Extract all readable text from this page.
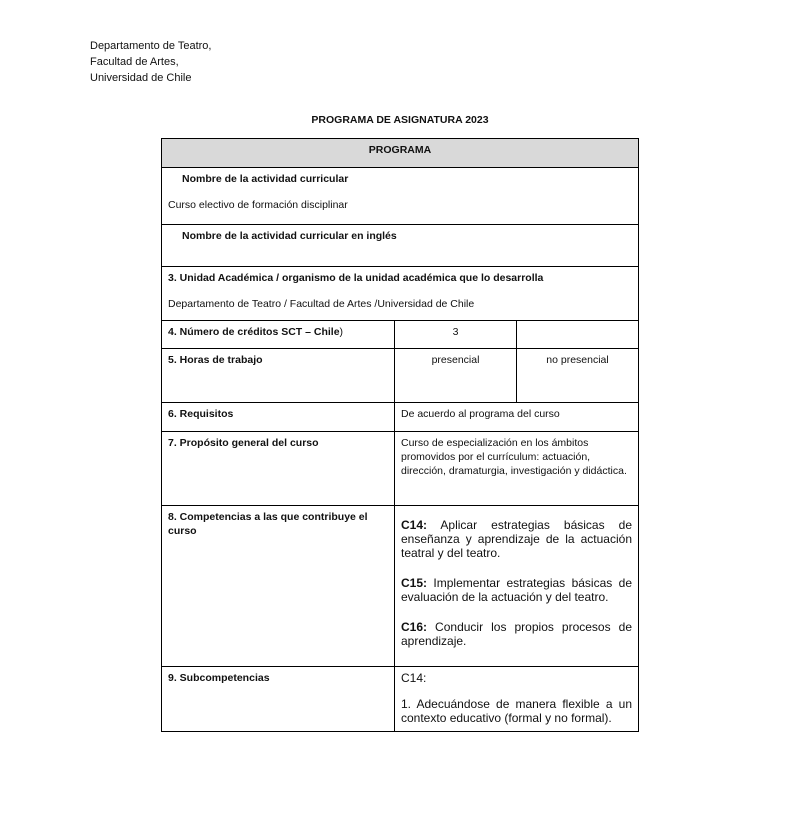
Departamento de Teatro,
Facultad de Artes,
Universidad de Chile
PROGRAMA DE ASIGNATURA 2023
PROGRAMA		

Nombre de la actividad curricular
Curso electivo de formación disciplinar		

Nombre de la actividad curricular en inglés		

3. Unidad Académica / organismo de la unidad académica que lo desarrolla
Departamento de Teatro / Facultad de Artes /Universidad de Chile		

4. Número de créditos SCT – Chile)	3	
5. Horas de trabajo	presencial	no presencial
6. Requisitos	De acuerdo al programa del curso	
7. Propósito general del curso	Curso de especialización en los ámbitos promovidos por el currículum: actuación, dirección, dramaturgia, investigación y didáctica.	
8. Competencias a las que contribuye el curso	C14: Aplicar estrategias básicas de enseñanza y aprendizaje de la actuación teatral y del teatro.

C15: Implementar estrategias básicas de evaluación de la actuación y del teatro.

C16: Conducir los propios procesos de aprendizaje.	

9. Subcompetencias	C14:

1. Adecuándose de manera flexible a un contexto educativo (formal y no formal).	
